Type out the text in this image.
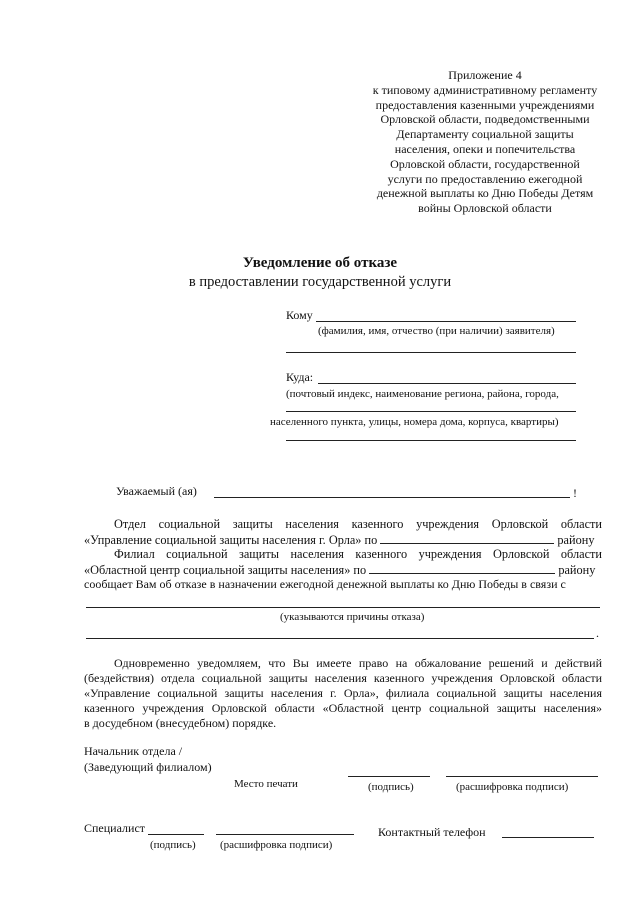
Приложение 4
к типовому административному регламенту
предоставления казенными учреждениями
Орловской области, подведомственными
Департаменту социальной защиты
населения, опеки и попечительства
Орловской области, государственной
услуги по предоставлению ежегодной
денежной выплаты ко Дню Победы Детям
войны Орловской области
Уведомление об отказе
в предоставлении государственной услуги
Кому
(фамилия, имя, отчество (при наличии) заявителя)
Куда:
(почтовый индекс, наименование региона, района, города,
населенного пункта, улицы, номера дома, корпуса, квартиры)
Уважаемый (ая)	!
Отдел социальной защиты населения казенного учреждения Орловской области
«Управление социальной защиты населения г. Орла» по	району
Филиал социальной защиты населения казенного учреждения Орловской области
«Областной центр социальной защиты населения» по	району
сообщает Вам об отказе в назначении ежегодной денежной выплаты ко Дню Победы в связи с
(указываются причины отказа)
.
Одновременно уведомляем, что Вы имеете право на обжалование решений и действий
(бездействия) отдела социальной защиты населения казенного учреждения Орловской области
«Управление социальной защиты населения г. Орла», филиала социальной защиты населения
казенного учреждения Орловской области «Областной центр социальной защиты населения»
в досудебном (внесудебном) порядке.
Начальник отдела /
(Заведующий филиалом)
Место печати	(подпись)	(расшифровка подписи)
Специалист	Контактный телефон
(подпись) (расшифровка подписи)
